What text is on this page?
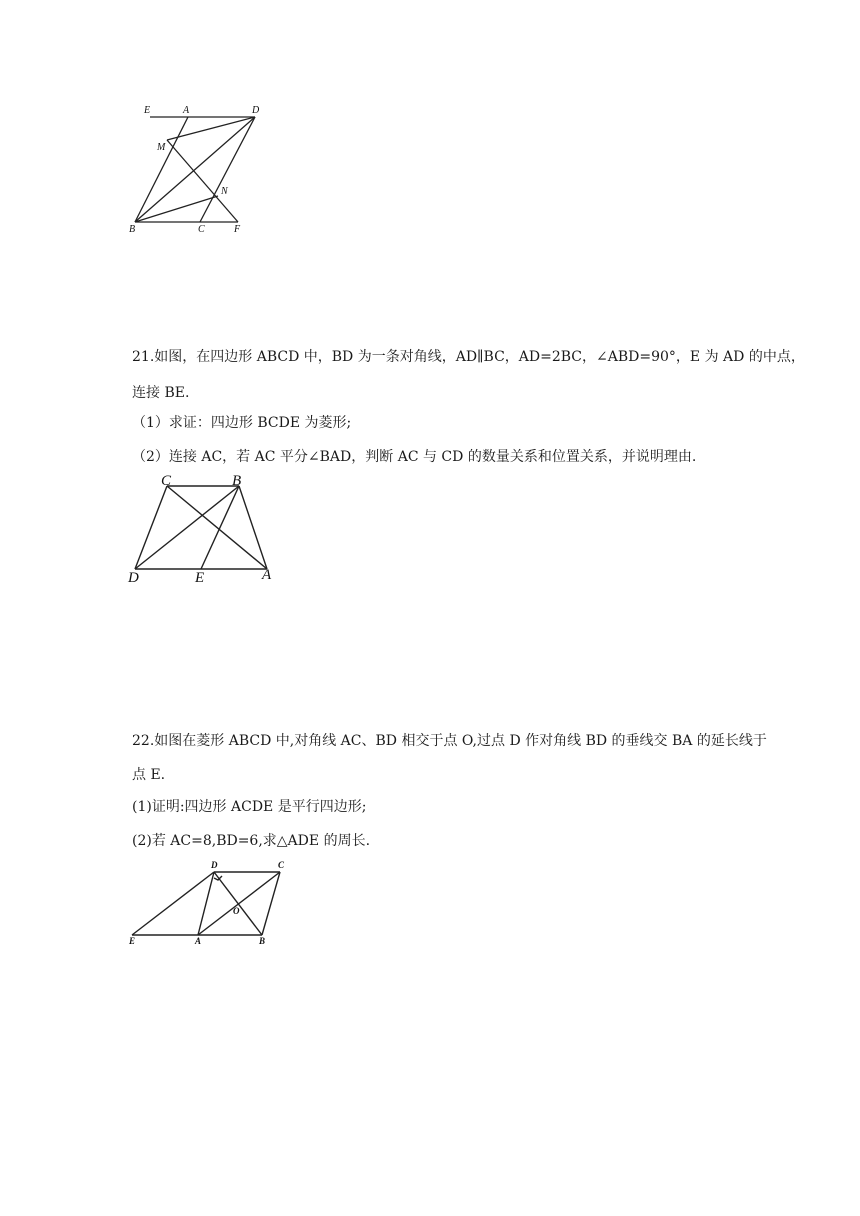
E	A	D
M
N
B	C	F
21.如图，在四边形 ABCD 中，BD 为一条对角线，AD∥BC，AD=2BC，∠ABD=90°，E 为 AD 的中点，
连接 BE.
（1）求证：四边形 BCDE 为菱形;
（2）连接 AC，若 AC 平分∠BAD，判断 AC 与 CD 的数量关系和位置关系，并说明理由.
C	B
D	E	A
22.如图在菱形 ABCD 中,对角线 AC、BD 相交于点 O,过点 D 作对角线 BD 的垂线交 BA 的延长线于
点 E.
(1)证明:四边形 ACDE 是平行四边形;
(2)若 AC=8,BD=6,求△ADE 的周长.
D	C
O
E	A	B
